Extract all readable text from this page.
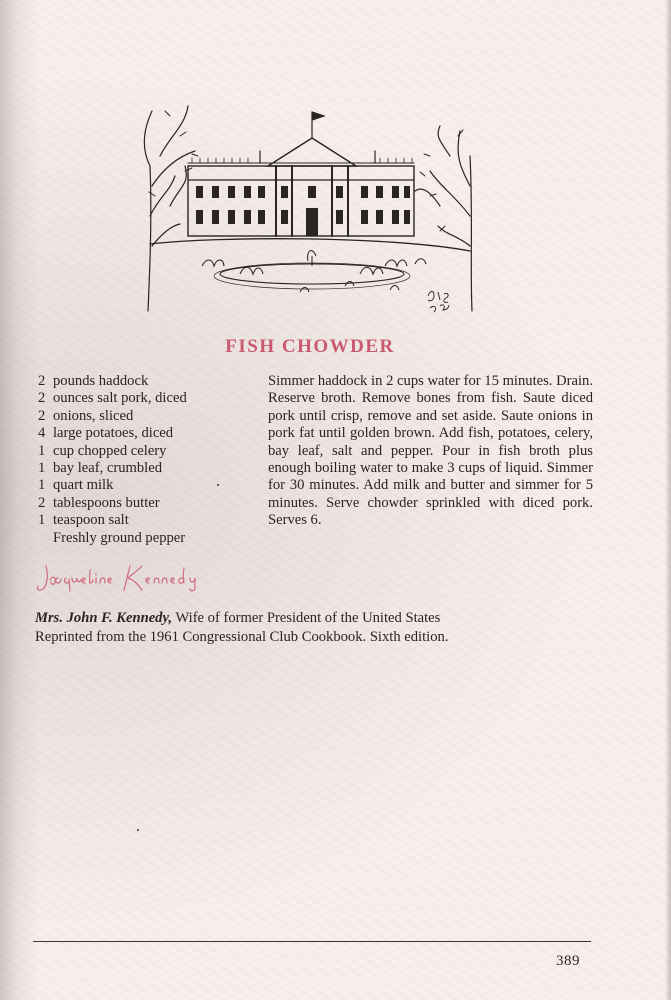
FISH CHOWDER
2 pounds haddock
2 ounces salt pork, diced
2 onions, sliced
4 large potatoes, diced
1 cup chopped celery
1 bay leaf, crumbled
1 quart milk
2 tablespoons butter
1 teaspoon salt
Freshly ground pepper

Simmer haddock in 2 cups water for 15 minutes. Drain. Reserve broth. Remove bones from fish. Saute diced pork until crisp, remove and set aside. Saute onions in pork fat until golden brown. Add fish, potatoes, celery, bay leaf, salt and pepper. Pour in fish broth plus enough boiling water to make 3 cups of liquid. Simmer for 30 minutes. Add milk and butter and simmer for 5 minutes. Serve chowder sprinkled with diced pork. Serves 6.

Mrs. John F. Kennedy, Wife of former President of the United States
Reprinted from the 1961 Congressional Club Cookbook. Sixth edition.

389
